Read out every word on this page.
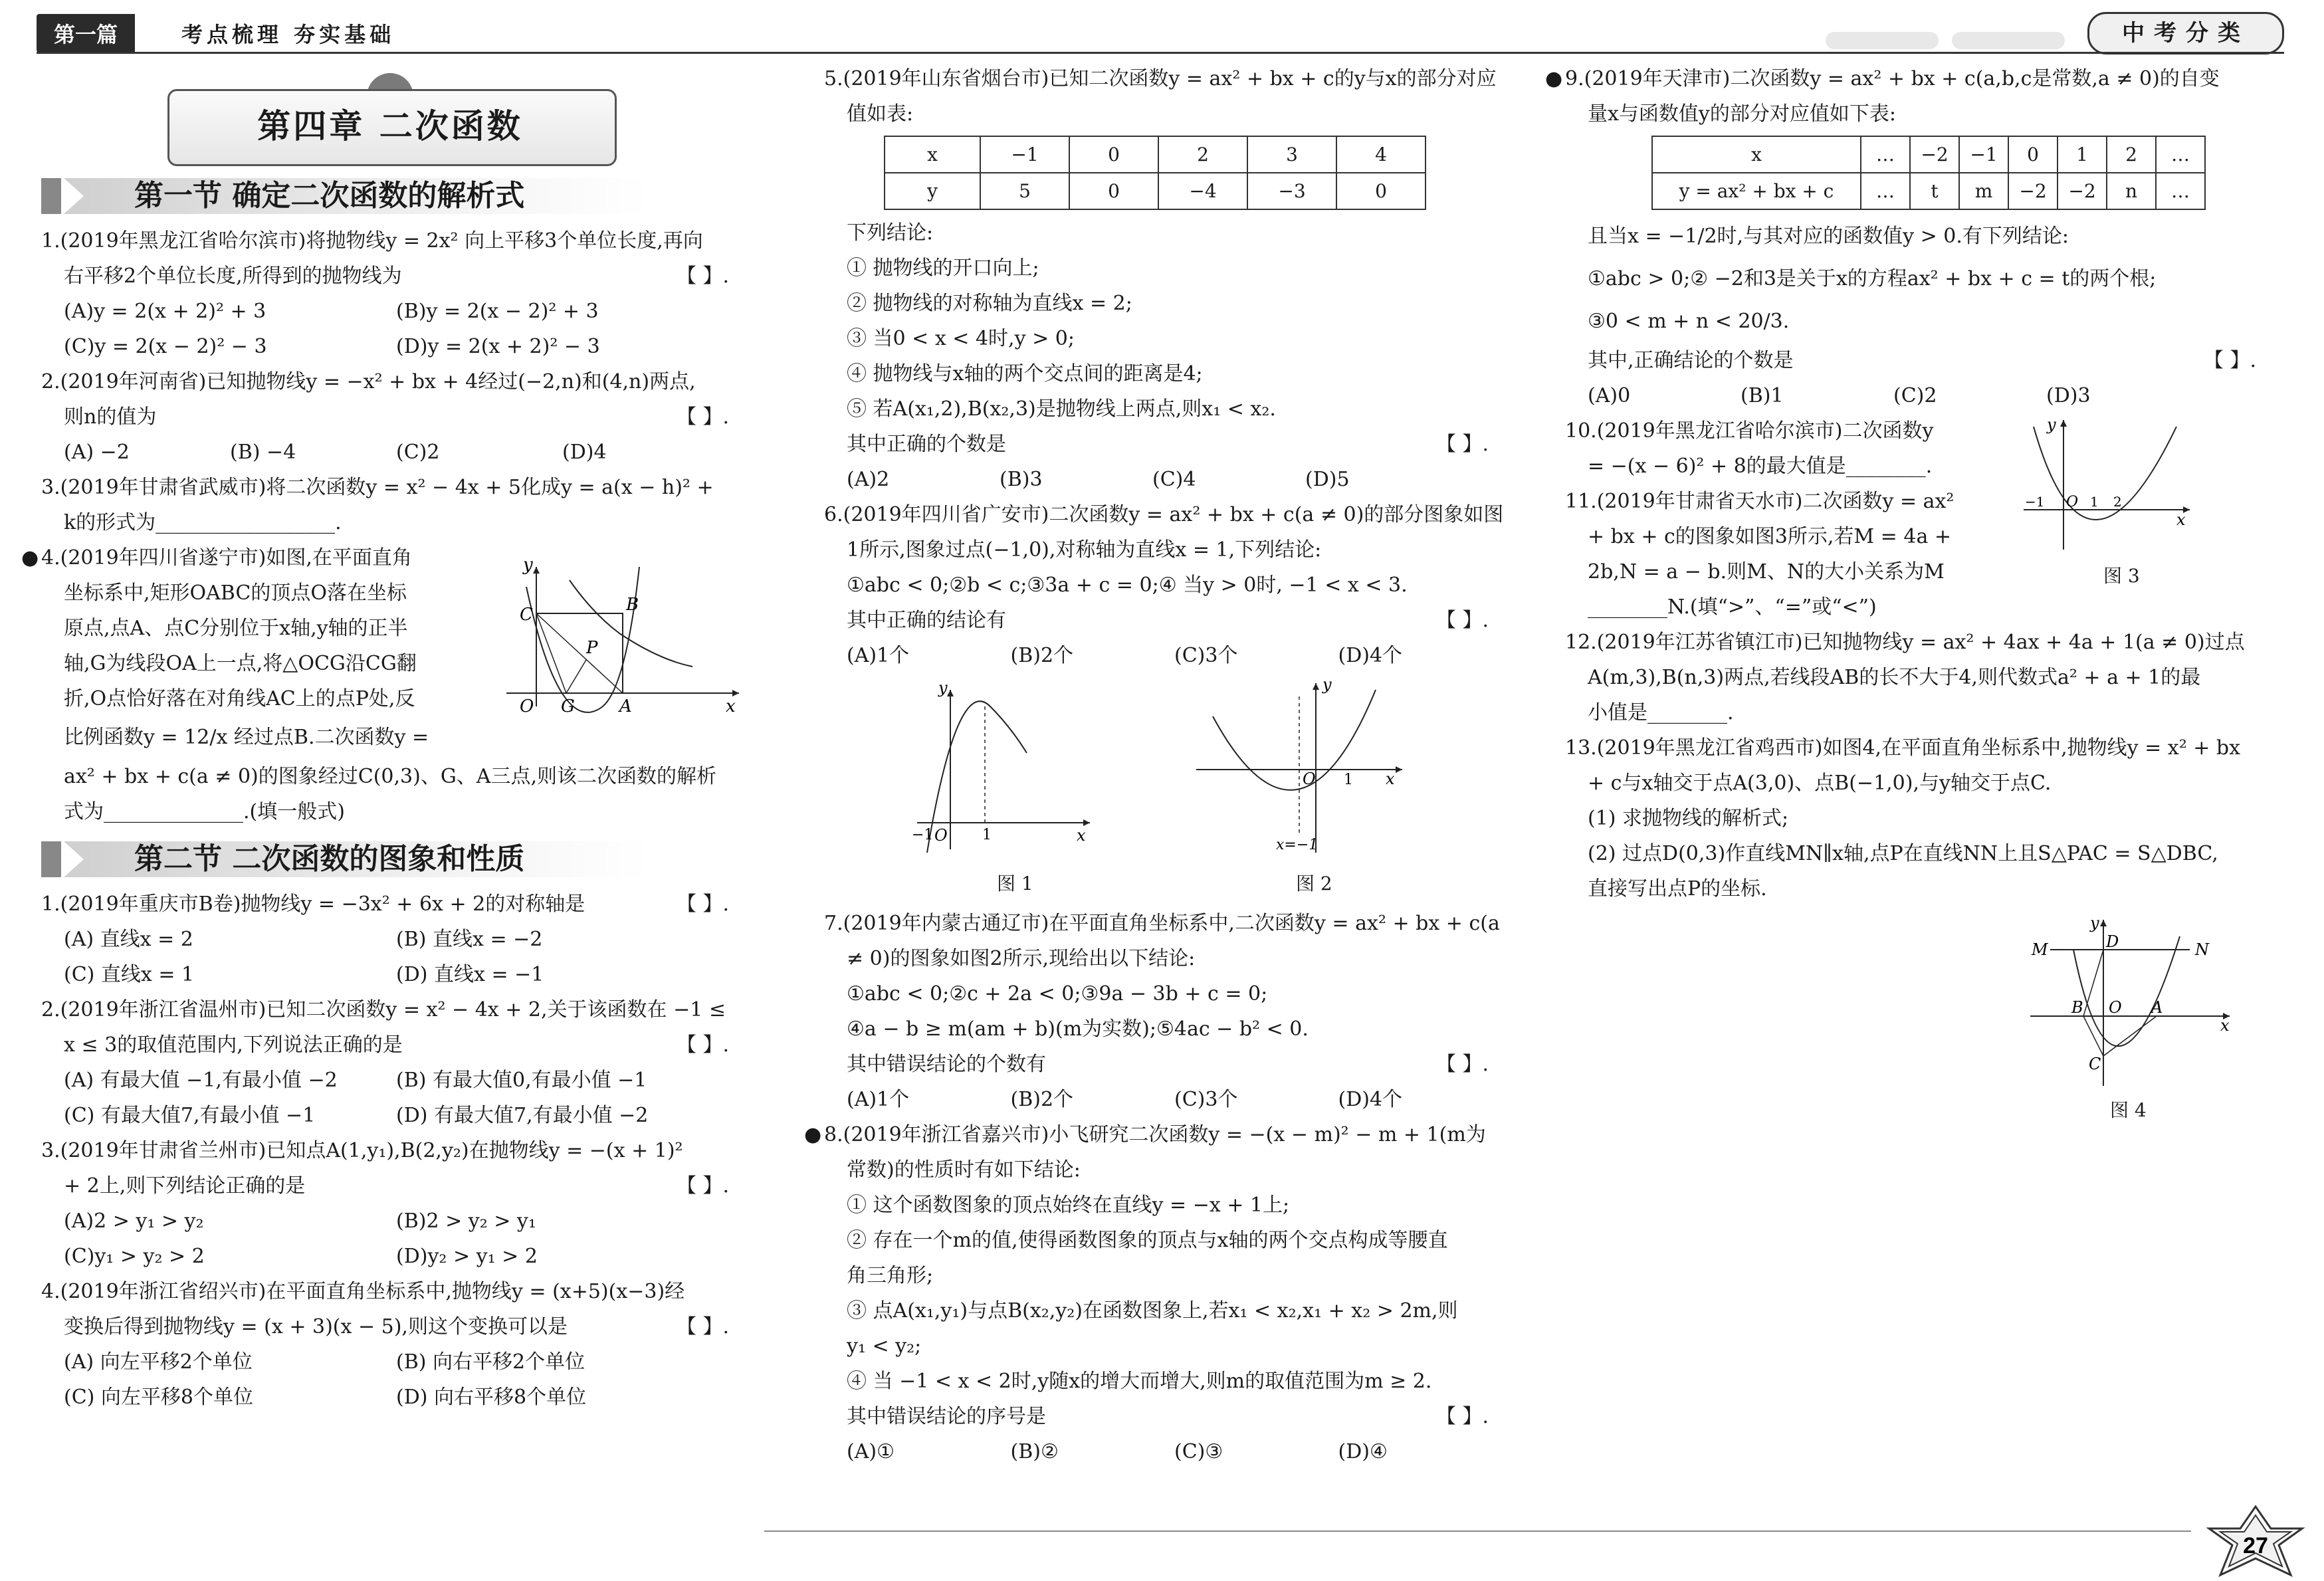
第一篇	考点梳理 夯实基础	中考分类
第四章 二次函数
第一节 确定二次函数的解析式

1.(2019年黑龙江省哈尔滨市)将抛物线y = 2x² 向上平移3个单位长度,再向

右平移2个单位长度,所得到的抛物线为	【 】.

(A)y = 2(x + 2)² + 3	(B)y = 2(x − 2)² + 3
(C)y = 2(x − 2)² − 3	(D)y = 2(x + 2)² − 3

2.(2019年河南省)已知抛物线y = −x² + bx + 4经过(−2,n)和(4,n)两点,

则n的值为	【 】.

(A) −2	(B) −4	(C)2	(D)4

3.(2019年甘肃省武威市)将二次函数y = x² − 4x + 5化成y = a(x − h)² +

k的形式为__________________.

● 4.(2019年四川省遂宁市)如图,在平面直角

坐标系中,矩形OABC的顶点O落在坐标

原点,点A、点C分别位于x轴,y轴的正半

轴,G为线段OA上一点,将△OCG沿CG翻

折,O点恰好落在对角线AC上的点P处,反

比例函数y = 12/x 经过点B.二次函数y =

ax² + bx + c(a ≠ 0)的图象经过C(0,3)、G、A三点,则该二次函数的解析

式为______________.(填一般式)

y
C	B
P
O G	A	x
第二节 二次函数的图象和性质

1.(2019年重庆市B卷)抛物线y = −3x² + 6x + 2的对称轴是	【 】.

(A) 直线x = 2	(B) 直线x = −2
(C) 直线x = 1	(D) 直线x = −1

2.(2019年浙江省温州市)已知二次函数y = x² − 4x + 2,关于该函数在 −1 ≤

x ≤ 3的取值范围内,下列说法正确的是	【 】.

(A) 有最大值 −1,有最小值 −2	(B) 有最大值0,有最小值 −1
(C) 有最大值7,有最小值 −1	(D) 有最大值7,有最小值 −2

3.(2019年甘肃省兰州市)已知点A(1,y₁),B(2,y₂)在抛物线y = −(x + 1)²

+ 2上,则下列结论正确的是	【 】.

(A)2 > y₁ > y₂	(B)2 > y₂ > y₁
(C)y₁ > y₂ > 2	(D)y₂ > y₁ > 2

4.(2019年浙江省绍兴市)在平面直角坐标系中,抛物线y = (x+5)(x−3)经

变换后得到抛物线y = (x + 3)(x − 5),则这个变换可以是	【 】.

(A) 向左平移2个单位	(B) 向右平移2个单位
(C) 向左平移8个单位	(D) 向右平移8个单位

5.(2019年山东省烟台市)已知二次函数y = ax² + bx + c的y与x的部分对应

值如表:

x	−1	0	2	3	4
y	5	0	−4	−3	0

下列结论:

① 抛物线的开口向上;

② 抛物线的对称轴为直线x = 2;

③ 当0 < x < 4时,y > 0;

④ 抛物线与x轴的两个交点间的距离是4;

⑤ 若A(x₁,2),B(x₂,3)是抛物线上两点,则x₁ < x₂.

其中正确的个数是	【 】.

(A)2	(B)3	(C)4	(D)5

6.(2019年四川省广安市)二次函数y = ax² + bx + c(a ≠ 0)的部分图象如图

1所示,图象过点(−1,0),对称轴为直线x = 1,下列结论:

①abc < 0;②b < c;③3a + c = 0;④ 当y > 0时, −1 < x < 3.

其中正确的结论有	【 】.

(A)1个	(B)2个	(C)3个	(D)4个
y
−1 O 1	x
图 1
y
O 1 x
x=−1
图 2

7.(2019年内蒙古通辽市)在平面直角坐标系中,二次函数y = ax² + bx + c(a

≠ 0)的图象如图2所示,现给出以下结论:

①abc < 0;②c + 2a < 0;③9a − 3b + c = 0;

④a − b ≥ m(am + b)(m为实数);⑤4ac − b² < 0.

其中错误结论的个数有	【 】.

(A)1个	(B)2个	(C)3个	(D)4个
● 8.(2019年浙江省嘉兴市)小飞研究二次函数y = −(x − m)² − m + 1(m为

常数)的性质时有如下结论:

① 这个函数图象的顶点始终在直线y = −x + 1上;

② 存在一个m的值,使得函数图象的顶点与x轴的两个交点构成等腰直

角三角形;

③ 点A(x₁,y₁)与点B(x₂,y₂)在函数图象上,若x₁ < x₂,x₁ + x₂ > 2m,则

y₁ < y₂;

④ 当 −1 < x < 2时,y随x的增大而增大,则m的取值范围为m ≥ 2.

其中错误结论的序号是	【 】.

(A)①	(B)②	(C)③	(D)④
● 9.(2019年天津市)二次函数y = ax² + bx + c(a,b,c是常数,a ≠ 0)的自变

量x与函数值y的部分对应值如下表:

x	…	−2	−1	0	1	2	…
y = ax² + bx + c	…	t	m	−2	−2	n	…

且当x = −1/2时,与其对应的函数值y > 0.有下列结论:

①abc > 0;② −2和3是关于x的方程ax² + bx + c = t的两个根;

③0 < m + n < 20/3.

其中,正确结论的个数是	【 】.

(A)0	(B)1	(C)2	(D)3

10.(2019年黑龙江省哈尔滨市)二次函数y

= −(x − 6)² + 8的最大值是________.

11.(2019年甘肃省天水市)二次函数y = ax²

+ bx + c的图象如图3所示,若M = 4a +

2b,N = a − b.则M、N的大小关系为M

________N.(填“>”、“=”或“<”)

y
−1 O 1 2
x
图 3

12.(2019年江苏省镇江市)已知抛物线y = ax² + 4ax + 4a + 1(a ≠ 0)过点

A(m,3),B(n,3)两点,若线段AB的长不大于4,则代数式a² + a + 1的最

小值是________.

13.(2019年黑龙江省鸡西市)如图4,在平面直角坐标系中,抛物线y = x² + bx

+ c与x轴交于点A(3,0)、点B(−1,0),与y轴交于点C.

(1) 求抛物线的解析式;

(2) 过点D(0,3)作直线MN∥x轴,点P在直线NN上且S△PAC = S△DBC,

直接写出点P的坐标.

y
D
M	N
B O A
x
C
图 4
27
